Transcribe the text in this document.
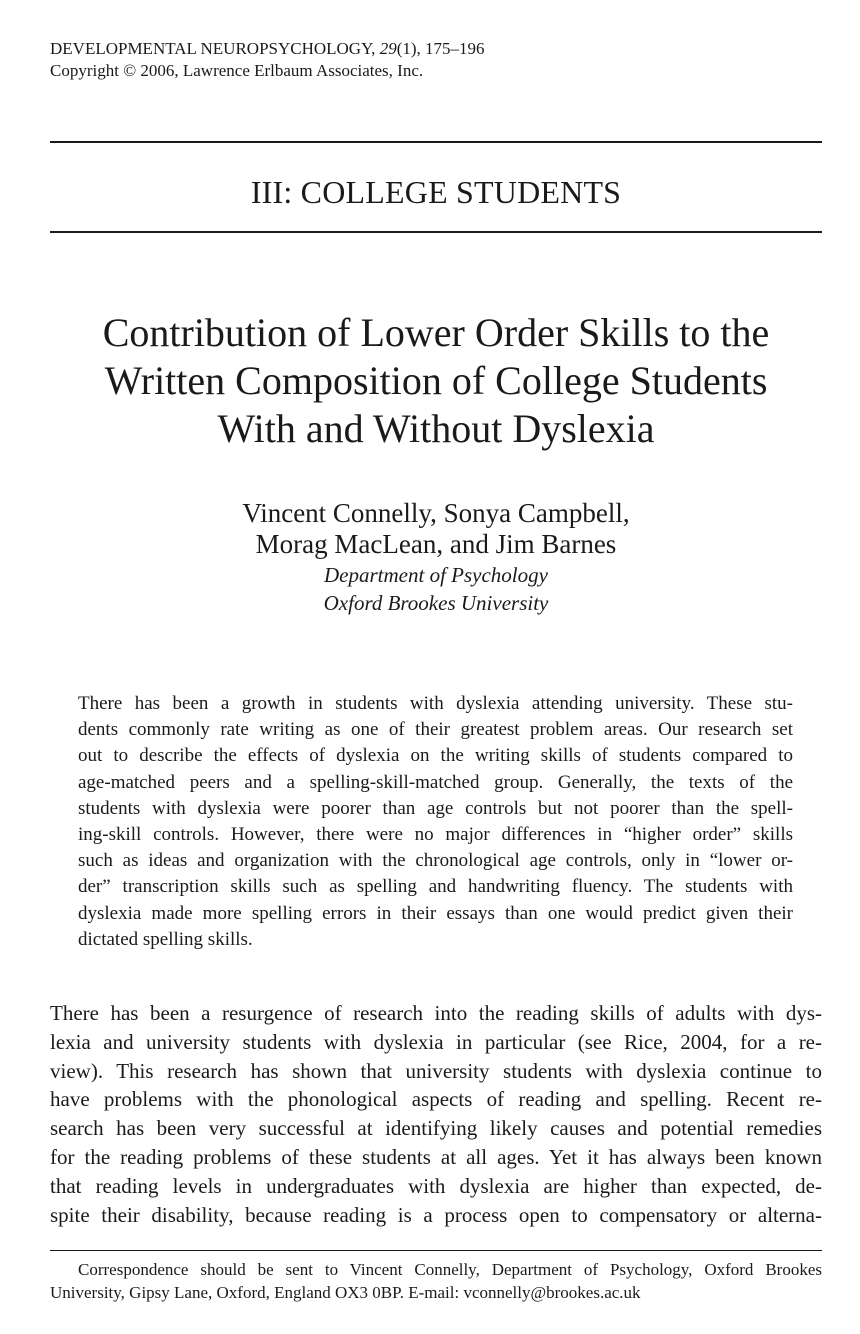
DEVELOPMENTAL NEUROPSYCHOLOGY, 29(1), 175–196
Copyright © 2006, Lawrence Erlbaum Associates, Inc.
III: COLLEGE STUDENTS
Contribution of Lower Order Skills to the
Written Composition of College Students
With and Without Dyslexia
Vincent Connelly, Sonya Campbell,
Morag MacLean, and Jim Barnes
Department of Psychology
Oxford Brookes University
There has been a growth in students with dyslexia attending university. These stu-
dents commonly rate writing as one of their greatest problem areas. Our research set
out to describe the effects of dyslexia on the writing skills of students compared to
age-matched peers and a spelling-skill-matched group. Generally, the texts of the
students with dyslexia were poorer than age controls but not poorer than the spell-
ing-skill controls. However, there were no major differences in “higher order” skills
such as ideas and organization with the chronological age controls, only in “lower or-
der” transcription skills such as spelling and handwriting fluency. The students with
dyslexia made more spelling errors in their essays than one would predict given their
dictated spelling skills.
There has been a resurgence of research into the reading skills of adults with dys-
lexia and university students with dyslexia in particular (see Rice, 2004, for a re-
view). This research has shown that university students with dyslexia continue to
have problems with the phonological aspects of reading and spelling. Recent re-
search has been very successful at identifying likely causes and potential remedies
for the reading problems of these students at all ages. Yet it has always been known
that reading levels in undergraduates with dyslexia are higher than expected, de-
spite their disability, because reading is a process open to compensatory or alterna-
Correspondence should be sent to Vincent Connelly, Department of Psychology, Oxford Brookes
University, Gipsy Lane, Oxford, England OX3 0BP. E-mail: vconnelly@brookes.ac.uk
